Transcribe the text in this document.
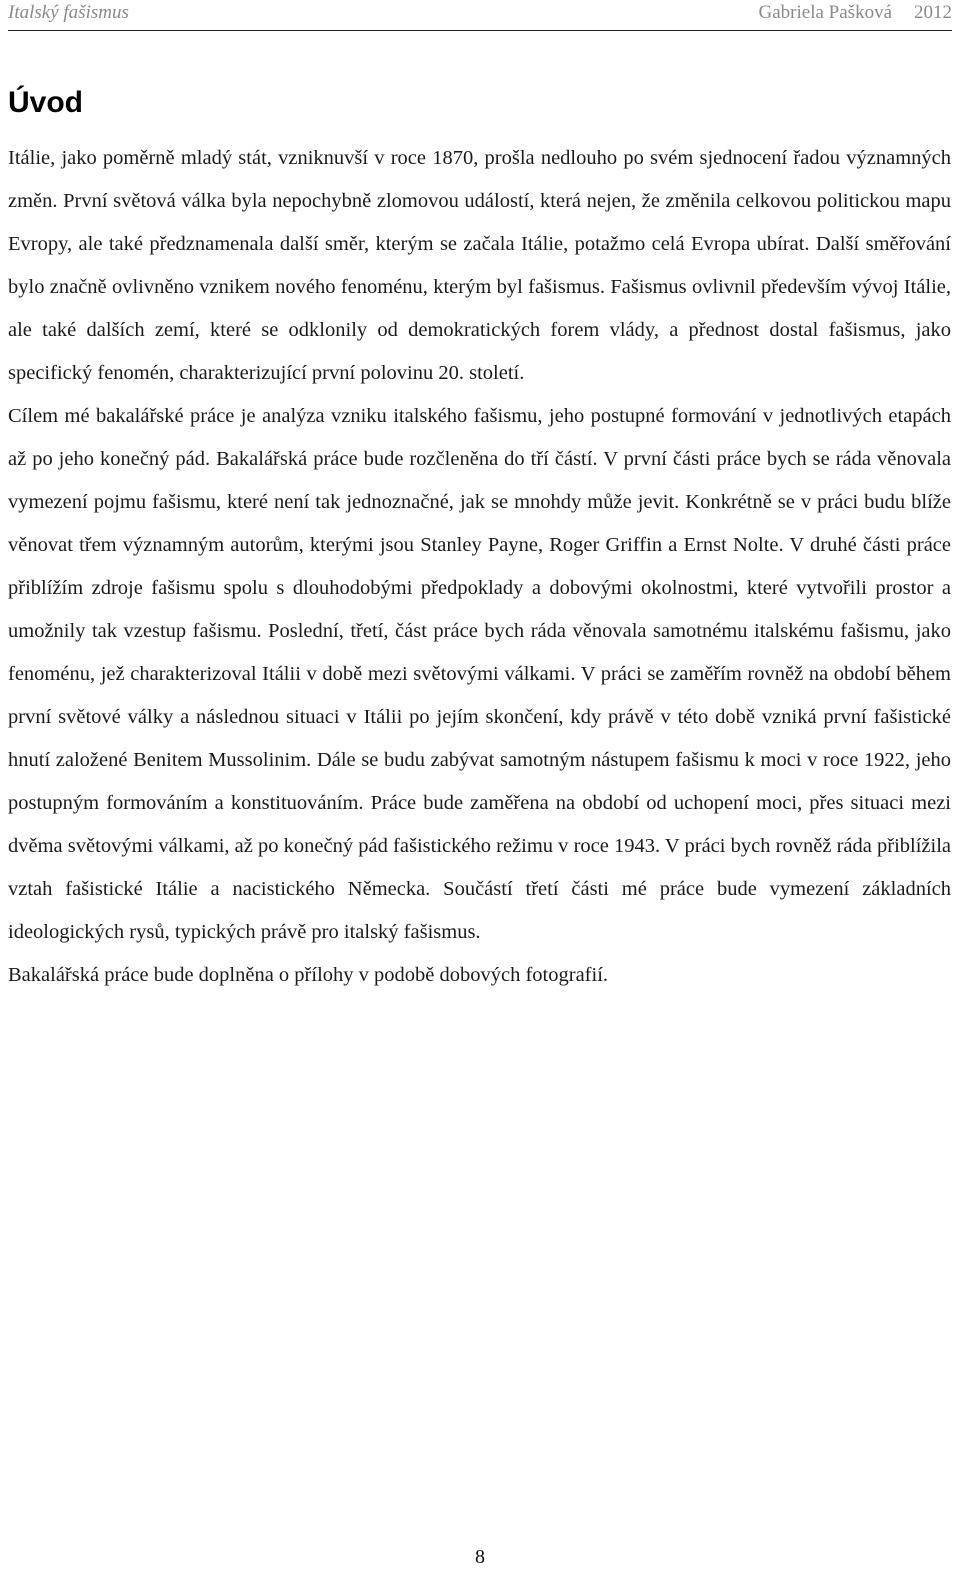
Italský fašismus	Gabriela Pašková 2012
Úvod

Itálie, jako poměrně mladý stát, vzniknuvší v roce 1870, prošla nedlouho po svém sjednocení řadou významných změn. První světová válka byla nepochybně zlomovou událostí, která nejen, že změnila celkovou politickou mapu Evropy, ale také předznamenala další směr, kterým se začala Itálie, potažmo celá Evropa ubírat. Další směřování bylo značně ovlivněno vznikem nového fenoménu, kterým byl fašismus. Fašismus ovlivnil především vývoj Itálie, ale také dalších zemí, které se odklonily od demokratických forem vlády, a přednost dostal fašismus, jako specifický fenomén, charakterizující první polovinu 20. století.

Cílem mé bakalářské práce je analýza vzniku italského fašismu, jeho postupné formování v jednotlivých etapách až po jeho konečný pád. Bakalářská práce bude rozčleněna do tří částí. V první části práce bych se ráda věnovala vymezení pojmu fašismu, které není tak jednoznačné, jak se mnohdy může jevit. Konkrétně se v práci budu blíže věnovat třem významným autorům, kterými jsou Stanley Payne, Roger Griffin a Ernst Nolte. V druhé části práce přiblížím zdroje fašismu spolu s dlouhodobými předpoklady a dobovými okolnostmi, které vytvořili prostor a umožnily tak vzestup fašismu. Poslední, třetí, část práce bych ráda věnovala samotnému italskému fašismu, jako fenoménu, jež charakterizoval Itálii v době mezi světovými válkami. V práci se zaměřím rovněž na období během první světové války a následnou situaci v Itálii po jejím skončení, kdy právě v této době vzniká první fašistické hnutí založené Benitem Mussolinim. Dále se budu zabývat samotným nástupem fašismu k moci v roce 1922, jeho postupným formováním a konstituováním. Práce bude zaměřena na období od uchopení moci, přes situaci mezi dvěma světovými válkami, až po konečný pád fašistického režimu v roce 1943. V práci bych rovněž ráda přiblížila vztah fašistické Itálie a nacistického Německa. Součástí třetí části mé práce bude vymezení základních ideologických rysů, typických právě pro italský fašismus.

Bakalářská práce bude doplněna o přílohy v podobě dobových fotografií.

8
